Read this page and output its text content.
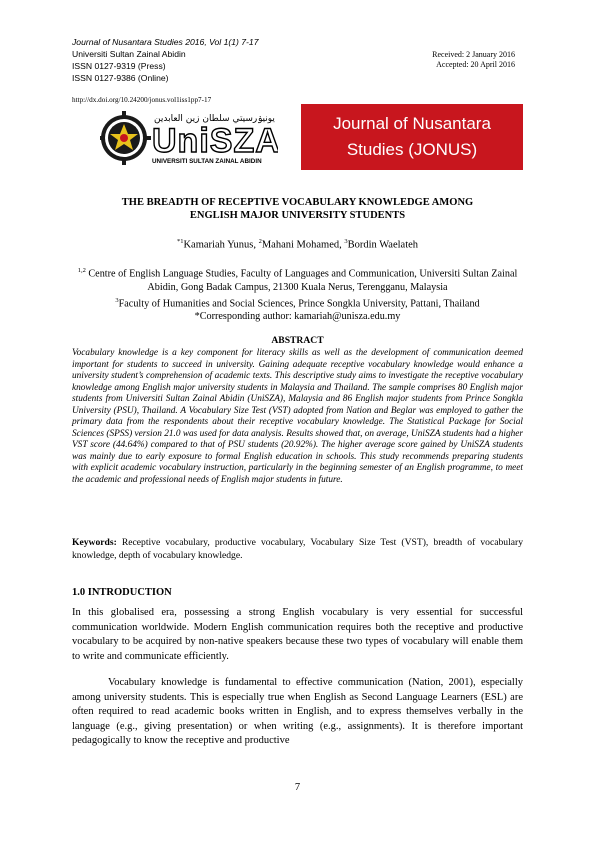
Journal of Nusantara Studies 2016, Vol 1(1) 7-17
Universiti Sultan Zainal Abidin
ISSN 0127-9319 (Press)
ISSN 0127-9386 (Online)
http://dx.doi.org/10.24200/jonus.vol1iss1pp7-17
Received: 2 January 2016
Accepted: 20 April 2016
يونيۏرسيتي سلطان زين العابدين
UniSZA
UNIVERSITI SULTAN ZAINAL ABIDIN
Journal of Nusantara
Studies (JONUS)
THE BREADTH OF RECEPTIVE VOCABULARY KNOWLEDGE AMONG
ENGLISH MAJOR UNIVERSITY STUDENTS
$^{*1}$Kamariah Yunus, $^2$Mahani Mohamed, $^3$Bordin Waelateh
$^{1,2}$ Centre of English Language Studies, Faculty of Languages and Communication, Universiti Sultan Zainal Abidin, Gong Badak Campus, 21300 Kuala Nerus, Terengganu, Malaysia
$^3$Faculty of Humanities and Social Sciences, Prince Songkla University, Pattani, Thailand
*Corresponding author: kamariah@unisza.edu.my
ABSTRACT
Vocabulary knowledge is a key component for literacy skills as well as the development of communication deemed important for students to succeed in university. Gaining adequate receptive vocabulary knowledge would enhance a university student’s comprehension of academic texts. This descriptive study aims to investigate the receptive vocabulary knowledge among English major university students in Malaysia and Thailand. The sample comprises 80 English major students from Universiti Sultan Zainal Abidin (UniSZA), Malaysia and 86 English major students from Prince Songkla University (PSU), Thailand. A Vocabulary Size Test (VST) adopted from Nation and Beglar was employed to gather the primary data from the respondents about their receptive vocabulary knowledge. The Statistical Package for Social Sciences (SPSS) version 21.0 was used for data analysis. Results showed that, on average, UniSZA students had a higher VST score (44.64%) compared to that of PSU students (20.92%). The higher average score gained by UniSZA students was mainly due to early exposure to formal English education in schools. This study recommends preparing students with explicit academic vocabulary instruction, particularly in the beginning semester of an English programme, to meet the academic and professional needs of English major students in future.
Keywords: Receptive vocabulary, productive vocabulary, Vocabulary Size Test (VST), breadth of vocabulary knowledge, depth of vocabulary knowledge.
1.0 INTRODUCTION
In this globalised era, possessing a strong English vocabulary is very essential for successful communication worldwide. Modern English communication requires both the receptive and productive vocabulary to be acquired by non-native speakers because these two types of vocabulary will enable them to write and communicate efficiently.
Vocabulary knowledge is fundamental to effective communication (Nation, 2001), especially among university students. This is especially true when English as Second Language Learners (ESL) are often required to read academic books written in English, and to express themselves verbally in the language (e.g., giving presentation) or when writing (e.g., assignments). It is therefore important pedagogically to know the receptive and productive
7
